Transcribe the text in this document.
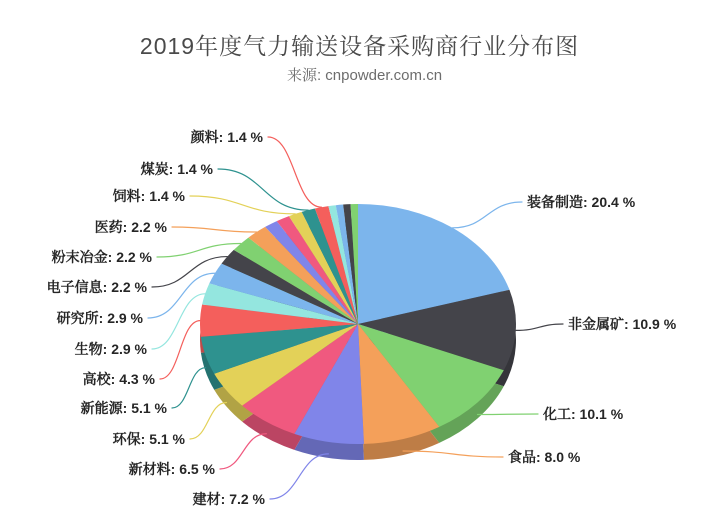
2019年度气力输送设备采购商行业分布图
来源: cnpowder.com.cn
装备制造: 20.4 %
非金属矿: 10.9 %
化工: 10.1 %
食品: 8.0 %
建材: 7.2 %
新材料: 6.5 %
环保: 5.1 %
新能源: 5.1 %
高校: 4.3 %
生物: 2.9 %
研究所: 2.9 %
电子信息: 2.2 %
粉末冶金: 2.2 %
医药: 2.2 %
饲料: 1.4 %
煤炭: 1.4 %
颜料: 1.4 %
